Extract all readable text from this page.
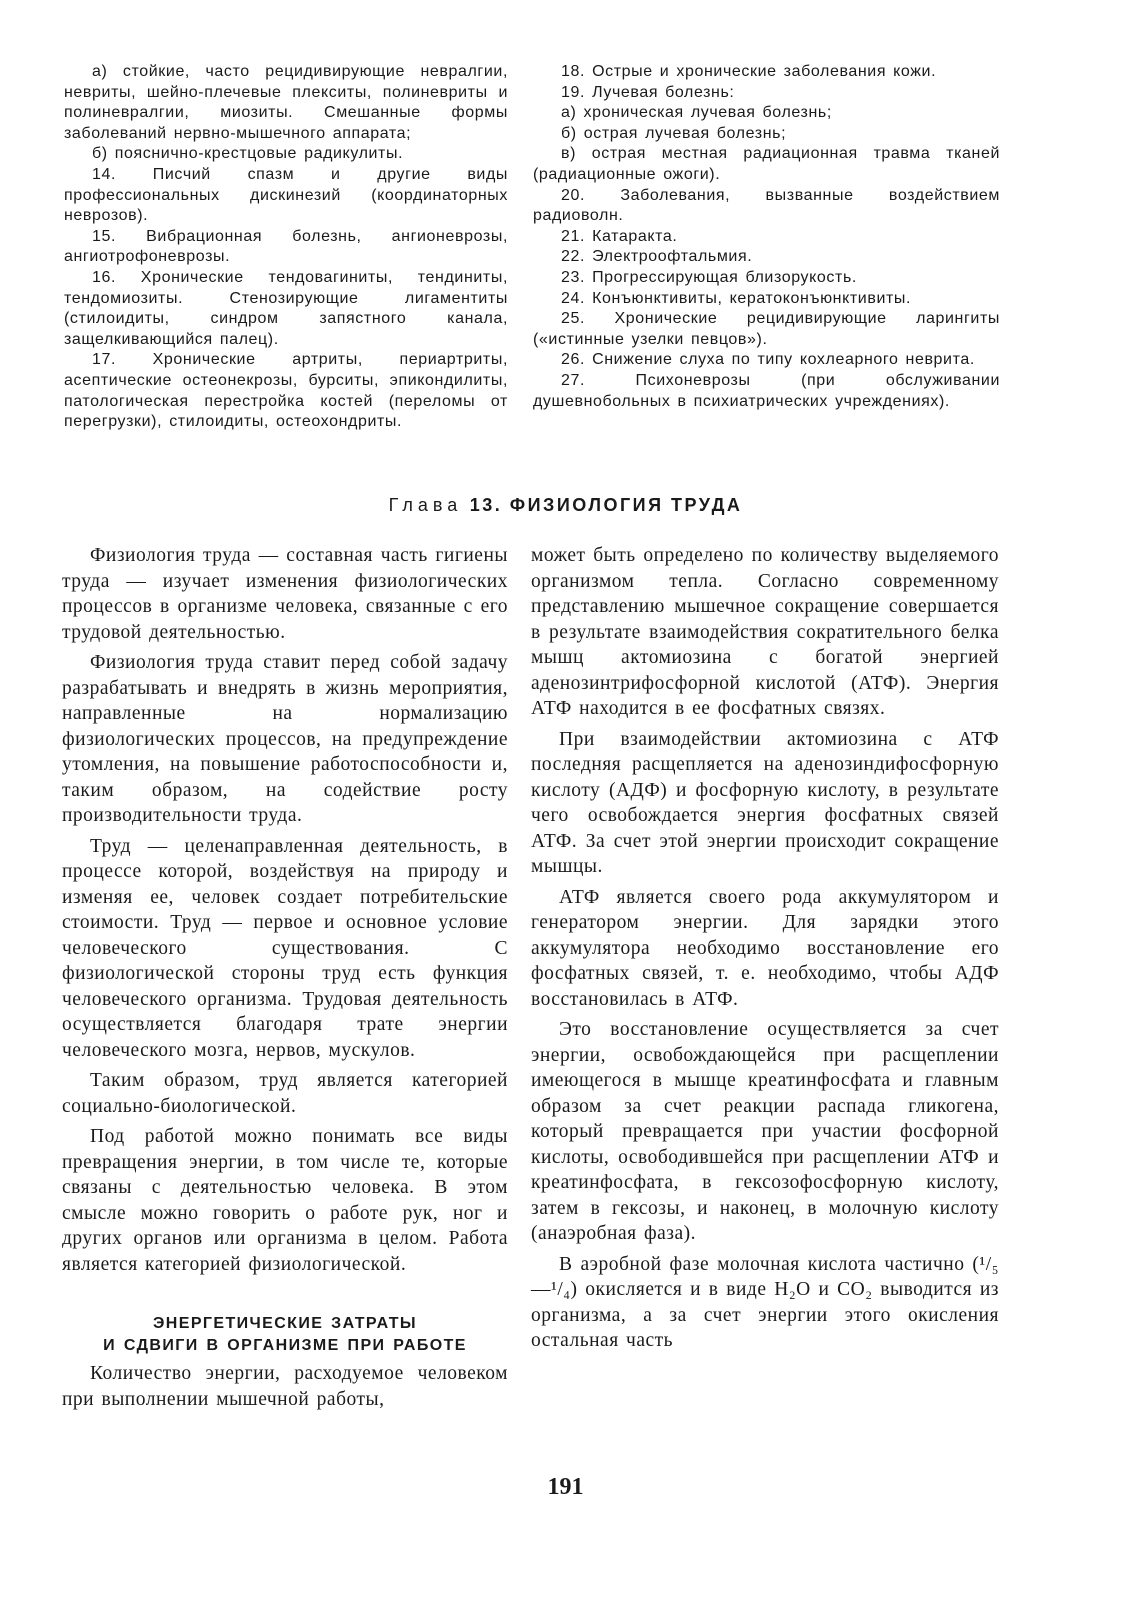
а) стойкие, часто рецидивирующие невралгии, невриты, шейно-плечевые плекситы, полиневриты и полиневралгии, миозиты. Смешанные формы заболеваний нервно-мышечного аппарата;

б) пояснично-крестцовые радикулиты.

14. Писчий спазм и другие виды профессиональных дискинезий (координаторных неврозов).

15. Вибрационная болезнь, ангионеврозы, ангиотрофоневрозы.

16. Хронические тендовагиниты, тендиниты, тендомиозиты. Стенозирующие лигаментиты (стилоидиты, синдром запястного канала, защелкивающийся палец).

17. Хронические артриты, периартриты, асептические остеонекрозы, бурситы, эпикондилиты, патологическая перестройка костей (переломы от перегрузки), стилоидиты, остеохондриты.

18. Острые и хронические заболевания кожи.

19. Лучевая болезнь:

а) хроническая лучевая болезнь;

б) острая лучевая болезнь;

в) острая местная радиационная травма тканей (радиационные ожоги).

20. Заболевания, вызванные воздействием радиоволн.

21. Катаракта.

22. Электроофтальмия.

23. Прогрессирующая близорукость.

24. Конъюнктивиты, кератоконъюнктивиты.

25. Хронические рецидивирующие ларингиты («истинные узелки певцов»).

26. Снижение слуха по типу кохлеарного неврита.

27. Психоневрозы (при обслуживании душевнобольных в психиатрических учреждениях).

Глава 13. ФИЗИОЛОГИЯ ТРУДА

Физиология труда — составная часть гигиены труда — изучает изменения физиологических процессов в организме человека, связанные с его трудовой деятельностью.

Физиология труда ставит перед собой задачу разрабатывать и внедрять в жизнь мероприятия, направленные на нормализацию физиологических процессов, на предупреждение утомления, на повышение работоспособности и, таким образом, на содействие росту производительности труда.

Труд — целенаправленная деятельность, в процессе которой, воздействуя на природу и изменяя ее, человек создает потребительские стоимости. Труд — первое и основное условие человеческого существования. С физиологической стороны труд есть функция человеческого организма. Трудовая деятельность осуществляется благодаря трате энергии человеческого мозга, нервов, мускулов.

Таким образом, труд является категорией социально-биологической.

Под работой можно понимать все виды превращения энергии, в том числе те, которые связаны с деятельностью человека. В этом смысле можно говорить о работе рук, ног и других органов или организма в целом. Работа является категорией физиологической.

ЭНЕРГЕТИЧЕСКИЕ ЗАТРАТЫ
И СДВИГИ В ОРГАНИЗМЕ ПРИ РАБОТЕ

Количество энергии, расходуемое человеком при выполнении мышечной работы,

может быть определено по количеству выделяемого организмом тепла. Согласно современному представлению мышечное сокращение совершается в результате взаимодействия сократительного белка мышц актомиозина с богатой энергией аденозинтрифосфорной кислотой (АТФ). Энергия АТФ находится в ее фосфатных связях.

При взаимодействии актомиозина с АТФ последняя расщепляется на аденозиндифосфорную кислоту (АДФ) и фосфорную кислоту, в результате чего освобождается энергия фосфатных связей АТФ. За счет этой энергии происходит сокращение мышцы.

АТФ является своего рода аккумулятором и генератором энергии. Для зарядки этого аккумулятора необходимо восстановление его фосфатных связей, т. е. необходимо, чтобы АДФ восстановилась в АТФ.

Это восстановление осуществляется за счет энергии, освобождающейся при расщеплении имеющегося в мышце креатинфосфата и главным образом за счет реакции распада гликогена, который превращается при участии фосфорной кислоты, освободившейся при расщеплении АТФ и креатинфосфата, в гексозофосфорную кислоту, затем в гексозы, и наконец, в молочную кислоту (анаэробная фаза).

В аэробной фазе молочная кислота частично (¹/₅—¹/₄) окисляется и в виде H₂O и CO₂ выводится из организма, а за счет энергии этого окисления остальная часть

191
